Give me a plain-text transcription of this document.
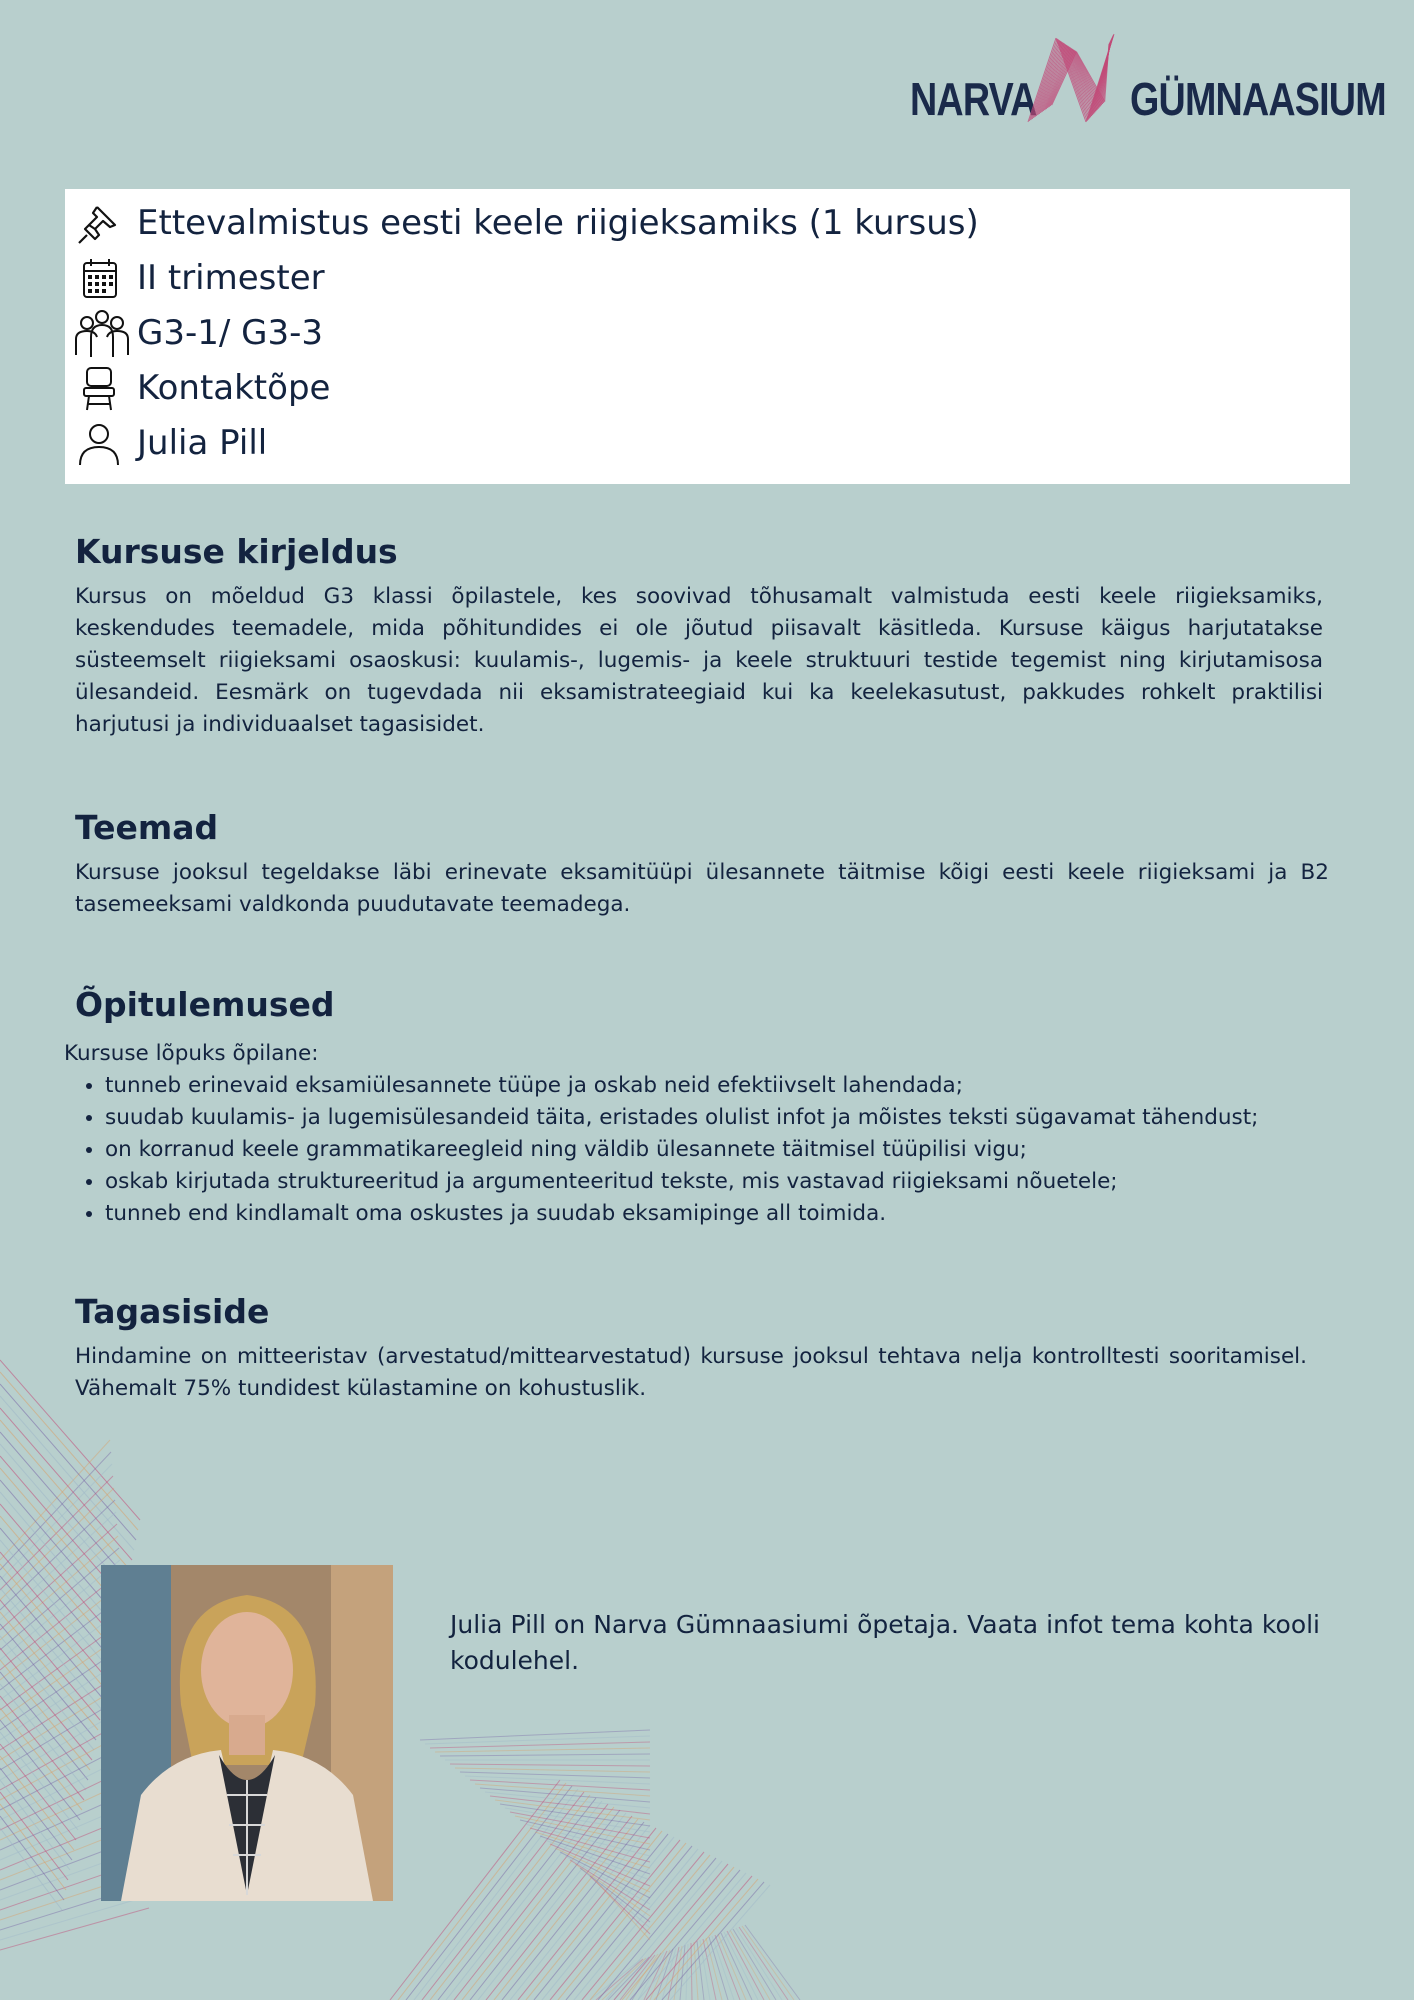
NARVA GÜMNAASIUM
Ettevalmistus eesti keele riigieksamiks (1 kursus)
II trimester
G3-1/ G3-3
Kontaktõpe
Julia Pill
Kursuse kirjeldus

Kursus on mõeldud G3 klassi õpilastele, kes soovivad tõhusamalt valmistuda eesti keele riigieksamiks, keskendudes teemadele, mida põhitundides ei ole jõutud piisavalt käsitleda. Kursuse käigus harjutatakse süsteemselt riigieksami osaoskusi: kuulamis-, lugemis- ja keele struktuuri testide tegemist ning kirjutamisosa ülesandeid. Eesmärk on tugevdada nii eksamistrateegiaid kui ka keelekasutust, pakkudes rohkelt praktilisi harjutusi ja individuaalset tagasisidet.

Teemad

Kursuse jooksul tegeldakse läbi erinevate eksamitüüpi ülesannete täitmise kõigi eesti keele riigieksami ja B2 tasemeeksami valdkonda puudutavate teemadega.

Õpitulemused
Kursuse lõpuks õpilane:
• tunneb erinevaid eksamiülesannete tüüpe ja oskab neid efektiivselt lahendada;
• suudab kuulamis- ja lugemisülesandeid täita, eristades olulist infot ja mõistes teksti sügavamat tähendust;
• on korranud keele grammatikareegleid ning väldib ülesannete täitmisel tüüpilisi vigu;
• oskab kirjutada struktureeritud ja argumenteeritud tekste, mis vastavad riigieksami nõuetele;
• tunneb end kindlamalt oma oskustes ja suudab eksamipinge all toimida.
Tagasiside

Hindamine on mitteeristav (arvestatud/mittearvestatud) kursuse jooksul tehtava nelja kontrolltesti sooritamisel. Vähemalt 75% tundidest külastamine on kohustuslik.

Julia Pill on Narva Gümnaasiumi õpetaja. Vaata infot tema kohta kooli kodulehel.
